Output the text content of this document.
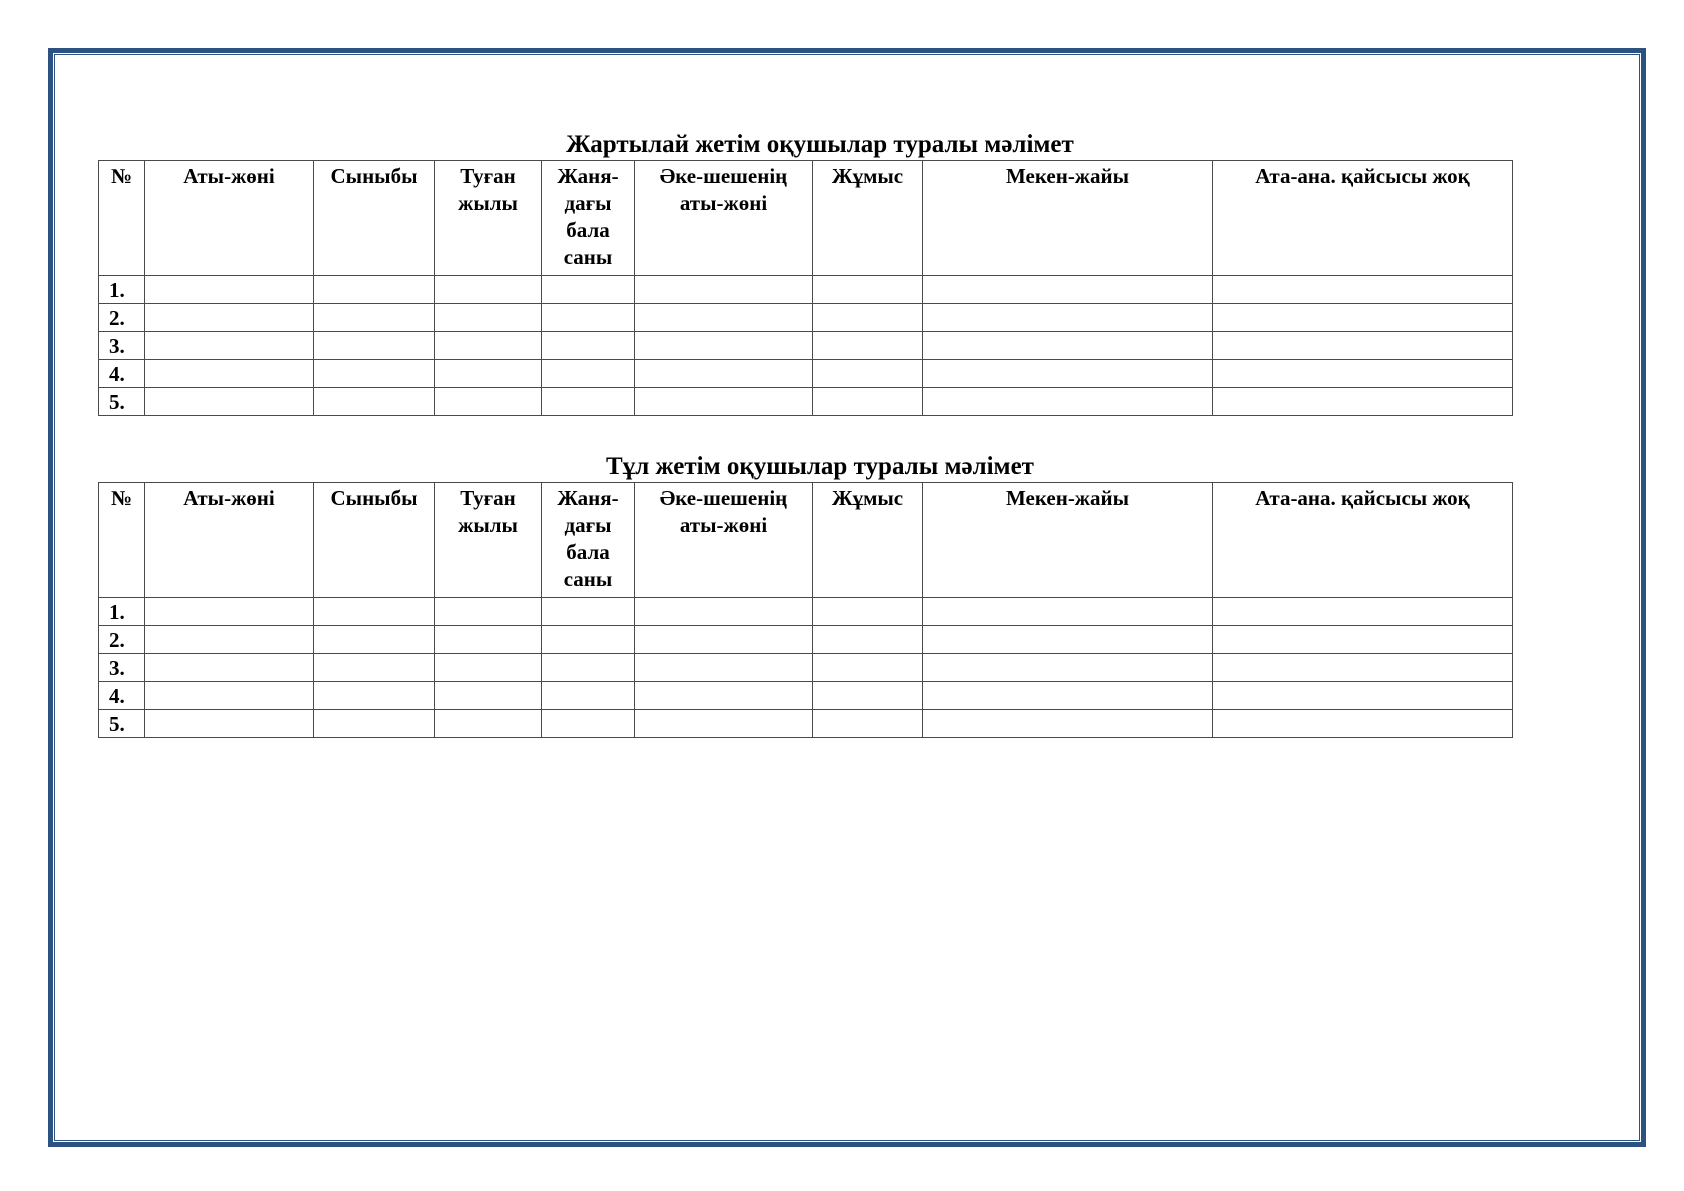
Жартылай жетім оқушылар туралы мәлімет
№	Аты-жөні	Сыныбы	Туған жылы	Жаня-дағы бала саны	Әке-шешенің аты-жөні	Жұмыс	Мекен-жайы	Ата-ана. қайсысы жоқ
1.								
2.								
3.								
4.								
5.								
Тұл жетім оқушылар туралы мәлімет
№	Аты-жөні	Сыныбы	Туған жылы	Жаня-дағы бала саны	Әке-шешенің аты-жөні	Жұмыс	Мекен-жайы	Ата-ана. қайсысы жоқ
1.								
2.								
3.								
4.								
5.								
